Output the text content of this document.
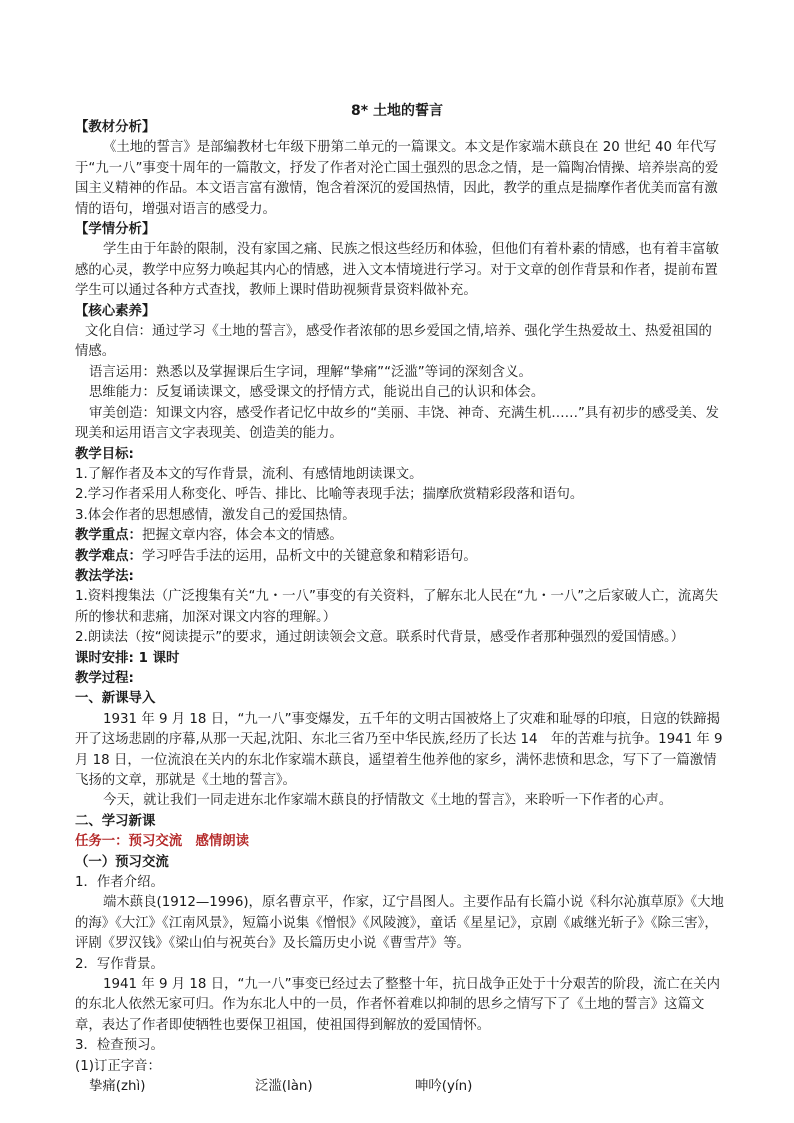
8* 土地的誓言

【教材分析】

《土地的誓言》是部编教材七年级下册第二单元的一篇课文。本文是作家端木蕻良在 20 世纪 40 年代写于“九一八”事变十周年的一篇散文，抒发了作者对沦亡国土强烈的思念之情，是一篇陶冶情操、培养崇高的爱国主义精神的作品。本文语言富有激情，饱含着深沉的爱国热情，因此，教学的重点是揣摩作者优美而富有激情的语句，增强对语言的感受力。

【学情分析】

学生由于年龄的限制，没有家国之痛、民族之恨这些经历和体验，但他们有着朴素的情感，也有着丰富敏感的心灵，教学中应努力唤起其内心的情感，进入文本情境进行学习。对于文章的创作背景和作者，提前布置学生可以通过各种方式查找，教师上课时借助视频背景资料做补充。

【核心素养】

文化自信：通过学习《土地的誓言》，感受作者浓郁的思乡爱国之情,培养、强化学生热爱故土、热爱祖国的情感。

语言运用：熟悉以及掌握课后生字词，理解“挚痛”“泛滥”等词的深刻含义。

思维能力：反复诵读课文，感受课文的抒情方式，能说出自己的认识和体会。

审美创造：知课文内容，感受作者记忆中故乡的“美丽、丰饶、神奇、充满生机……”具有初步的感受美、发现美和运用语言文字表现美、创造美的能力。

教学目标:

1.了解作者及本文的写作背景，流利、有感情地朗读课文。

2.学习作者采用人称变化、呼告、排比、比喻等表现手法；揣摩欣赏精彩段落和语句。

3.体会作者的思想感情，激发自己的爱国热情。

教学重点：把握文章内容，体会本文的情感。

教学难点：学习呼告手法的运用，品析文中的关键意象和精彩语句。

教法学法:

1.资料搜集法（广泛搜集有关“九・一八”事变的有关资料，了解东北人民在“九・一八”之后家破人亡，流离失所的惨状和悲痛，加深对课文内容的理解。）

2.朗读法（按“阅读提示”的要求，通过朗读领会文意。联系时代背景，感受作者那种强烈的爱国情感。）

课时安排: 1 课时

教学过程:

一、新课导入

1931 年 9 月 18 日，“九一八”事变爆发，五千年的文明古国被烙上了灾难和耻辱的印痕，日寇的铁蹄揭开了这场悲剧的序幕,从那一天起,沈阳、东北三省乃至中华民族,经历了长达 14　年的苦难与抗争。1941 年 9 月 18 日，一位流浪在关内的东北作家端木蕻良，遥望着生他养他的家乡，满怀悲愤和思念，写下了一篇激情飞扬的文章，那就是《土地的誓言》。

今天，就让我们一同走进东北作家端木蕻良的抒情散文《土地的誓言》，来聆听一下作者的心声。

二、学习新课

任务一：预习交流　感情朗读

（一）预习交流

1．作者介绍。

端木蕻良(1912—1996)，原名曹京平，作家，辽宁昌图人。主要作品有长篇小说《科尔沁旗草原》《大地的海》《大江》《江南风景》，短篇小说集《憎恨》《风陵渡》，童话《星星记》，京剧《戚继光斩子》《除三害》，评剧《罗汉钱》《梁山伯与祝英台》及长篇历史小说《曹雪芹》等。

2．写作背景。

1941 年 9 月 18 日，“九一八”事变已经过去了整整十年，抗日战争正处于十分艰苦的阶段，流亡在关内的东北人依然无家可归。作为东北人中的一员，作者怀着难以抑制的思乡之情写下了《土地的誓言》这篇文章，表达了作者即使牺牲也要保卫祖国，使祖国得到解放的爱国情怀。

3．检查预习。

(1)订正字音：

挚痛(zhì)	泛滥(làn)	呻吟(yín)
